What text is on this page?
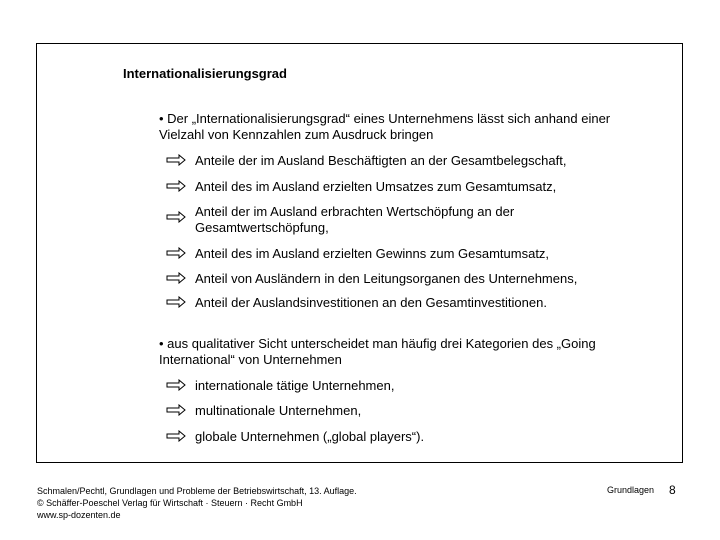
Internationalisierungsgrad
• Der „Internationalisierungsgrad“ eines Unternehmens lässt sich anhand einer Vielzahl von Kennzahlen zum Ausdruck bringen
Anteile der im Ausland Beschäftigten an der Gesamtbelegschaft,
Anteil des im Ausland erzielten Umsatzes zum Gesamtumsatz,
Anteil der im Ausland erbrachten Wertschöpfung an der Gesamtwertschöpfung,
Anteil des im Ausland erzielten Gewinns zum Gesamtumsatz,
Anteil von Ausländern in den Leitungsorganen des Unternehmens,
Anteil der Auslandsinvestitionen an den Gesamtinvestitionen.
• aus qualitativer Sicht unterscheidet man häufig drei Kategorien des „Going International“ von Unternehmen
internationale tätige Unternehmen,
multinationale Unternehmen,
globale Unternehmen („global players“).
Schmalen/Pechtl, Grundlagen und Probleme der Betriebswirtschaft, 13. Auflage.
© Schäffer-Poeschel Verlag für Wirtschaft · Steuern · Recht GmbH
www.sp-dozenten.de
Grundlagen 8
